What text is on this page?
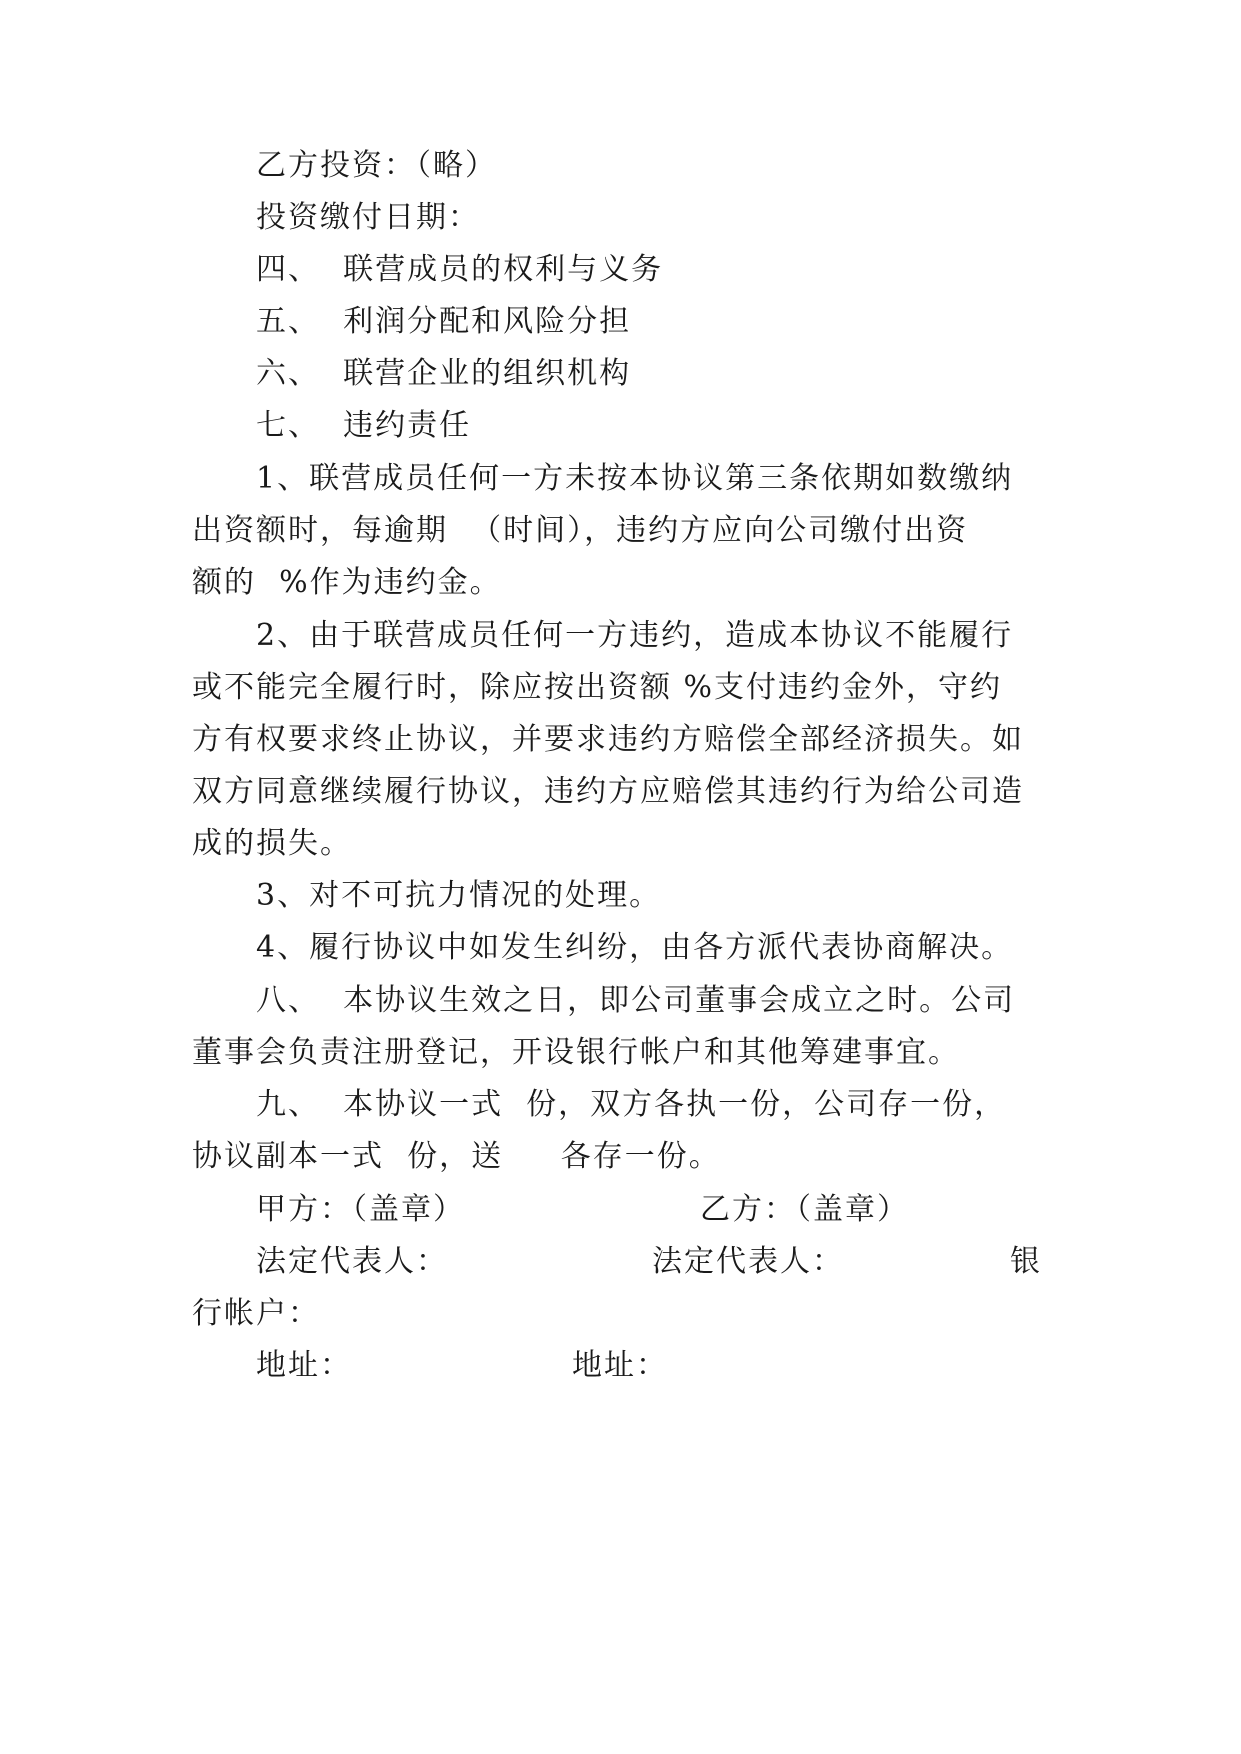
乙方投资：（略）
投资缴付日期：
四、  联营成员的权利与义务
五、  利润分配和风险分担
六、  联营企业的组织机构
七、  违约责任
1、联营成员任何一方未按本协议第三条依期如数缴纳
出资额时，每逾期  （时间），违约方应向公司缴付出资
额的  %作为违约金。
2、由于联营成员任何一方违约，造成本协议不能履行
或不能完全履行时，除应按出资额 %支付违约金外，守约
方有权要求终止协议，并要求违约方赔偿全部经济损失。如
双方同意继续履行协议，违约方应赔偿其违约行为给公司造
成的损失。
3、对不可抗力情况的处理。
4、履行协议中如发生纠纷，由各方派代表协商解决。
八、  本协议生效之日，即公司董事会成立之时。公司
董事会负责注册登记，开设银行帐户和其他筹建事宜。
九、  本协议一式  份，双方各执一份，公司存一份，
协议副本一式  份，送     各存一份。
甲方：（盖章）	乙方：（盖章）
法定代表人：	法定代表人：	银
行帐户：
地址：	地址：
